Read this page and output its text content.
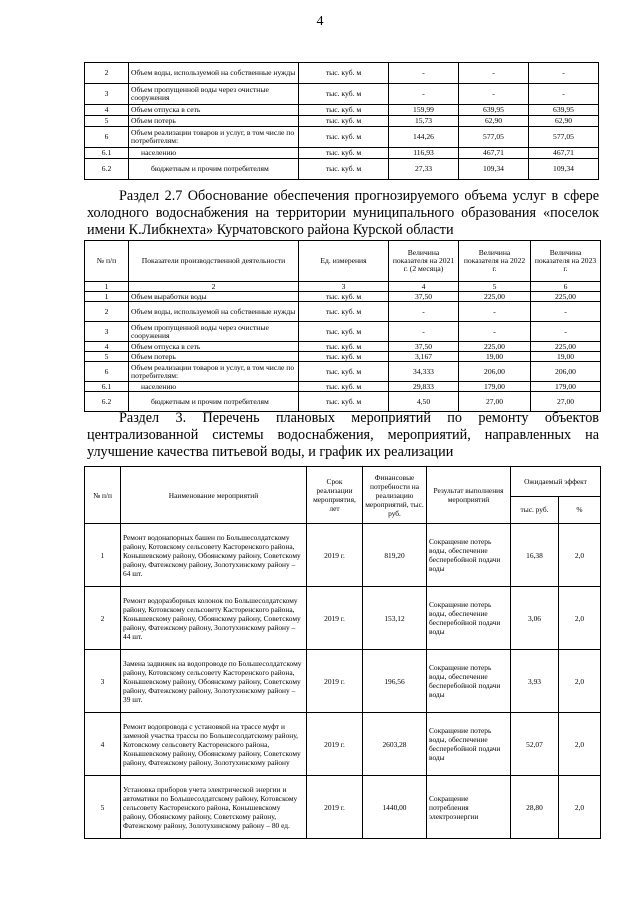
4
2	Объем воды, используемой на собственные нужды	тыс. куб. м	-	-	-
3	Объем пропущенной воды через очистные сооружения	тыс. куб. м	-	-	-
4	Объем отпуска в сеть	тыс. куб. м	159,99	639,95	639,95
5	Объем потерь	тыс. куб. м	15,73	62,90	62,90
6	Объем реализации товаров и услуг, в том числе по потребителям:	тыс. куб. м	144,26	577,05	577,05
6.1	населению	тыс. куб. м	116,93	467,71	467,71
6.2	бюджетным и прочим потребителям	тыс. куб. м	27,33	109,34	109,34
Раздел 2.7 Обоснование обеспечения прогнозируемого объема услуг в сфере холодного водоснабжения на территории муниципального образования «поселок имени К.Либкнехта» Курчатовского района Курской области
№ п/п	Показатели производственной деятельности	Ед. измерения	Величина показателя на 2021 г. (2 месяца)	Величина показателя на 2022 г.	Величина показателя на 2023 г.
1	2	3	4	5	6
1	Объем выработки воды	тыс. куб. м	37,50	225,00	225,00
2	Объем воды, используемой на собственные нужды	тыс. куб. м	-	-	-
3	Объем пропущенной воды через очистные сооружения	тыс. куб. м	-	-	-
4	Объем отпуска в сеть	тыс. куб. м	37,50	225,00	225,00
5	Объем потерь	тыс. куб. м	3,167	19,00	19,00
6	Объем реализации товаров и услуг, в том числе по потребителям:	тыс. куб. м	34,333	206,00	206,00
6.1	населению	тыс. куб. м	29,833	179,00	179,00
6.2	бюджетным и прочим потребителям	тыс. куб. м	4,50	27,00	27,00
Раздел 3. Перечень плановых мероприятий по ремонту объектов централизованной системы водоснабжения, мероприятий, направленных на улучшение качества питьевой воды, и график их реализации
№ п/п	Наименование мероприятий	Срок реализации мероприятия, лет	Финансовые потребности на реализацию мероприятий, тыс. руб.	Результат выполнения мероприятий	Ожидаемый эффект	
					тыс. руб.	%
1	Ремонт водонапорных башен по Большесолдатскому району, Котовскому сельсовету Касторенского района, Конышевскому району, Обоянскому району, Советскому району, Фатежскому району, Золотухинскому району – 64 шт.	2019 г.	819,20	Сокращение потерь воды, обеспечение бесперебойной подачи воды	16,38	2,0
2	Ремонт водоразборных колонок по Большесолдатскому району, Котовскому сельсовету Касторенского района, Конышевскому району, Обоянскому району, Советскому району, Фатежскому району, Золотухинскому району – 44 шт.	2019 г.	153,12	Сокращение потерь воды, обеспечение бесперебойной подачи воды	3,06	2,0
3	Замена задвижек на водопроводе по Большесолдатскому району, Котовскому сельсовету Касторенского района, Конышевскому району, Обоянскому району, Советскому району, Фатежскому району, Золотухинскому району – 39 шт.	2019 г.	196,56	Сокращение потерь воды, обеспечение бесперебойной подачи воды	3,93	2,0
4	Ремонт водопровода с установкой на трассе муфт и заменой участка трассы по Большесолдатскому району, Котовскому сельсовету Касторенского района, Конышевскому району, Обоянскому району, Советскому району, Фатежскому району, Золотухинскому району	2019 г.	2603,28	Сокращение потерь воды, обеспечение бесперебойной подачи воды	52,07	2,0
5	Установка приборов учета электрической энергии и автоматики по Большесолдатскому району, Котовскому сельсовету Касторенского района, Конышевскому району, Обоянскому району, Советскому району, Фатежскому району, Золотухинскому району – 80 ед.	2019 г.	1440,00	Сокращение потребления электроэнергии	28,80	2,0
